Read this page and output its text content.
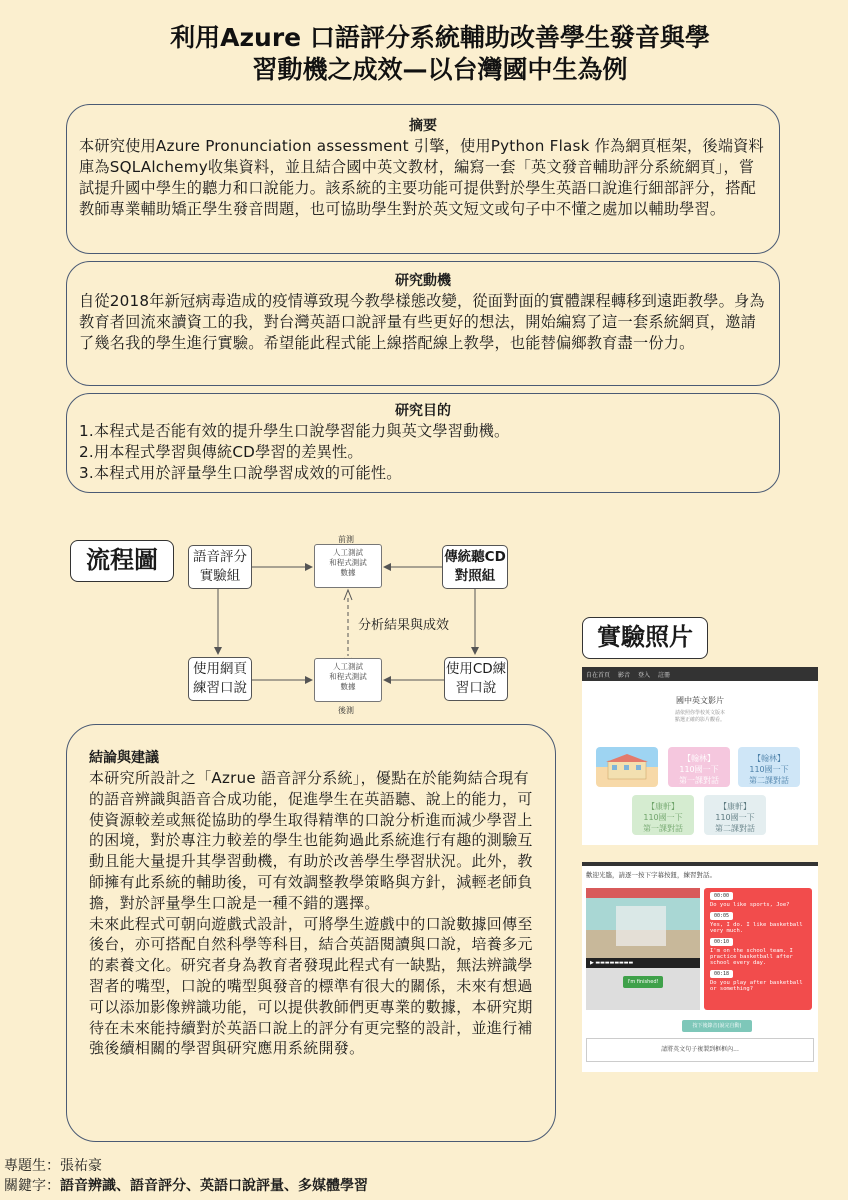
利用Azure 口語評分系統輔助改善學生發音與學
習動機之成效—以台灣國中生為例
摘要
本研究使用Azure Pronunciation assessment 引擎，使用Python Flask 作為網頁框架，後端資料庫為SQLAlchemy收集資料，並且結合國中英文教材，編寫一套「英文發音輔助評分系統網頁」，嘗試提升國中學生的聽力和口說能力。該系統的主要功能可提供對於學生英語口說進行細部評分，搭配教師專業輔助矯正學生發音問題，也可協助學生對於英文短文或句子中不懂之處加以輔助學習。
研究動機
自從2018年新冠病毒造成的疫情導致現今教學樣態改變，從面對面的實體課程轉移到遠距教學。身為教育者回流來讀資工的我，對台灣英語口說評量有些更好的想法，開始編寫了這一套系統網頁，邀請了幾名我的學生進行實驗。希望能此程式能上線搭配線上教學，也能替偏鄉教育盡一份力。
研究目的
1.本程式是否能有效的提升學生口說學習能力與英文學習動機。
2.用本程式學習與傳統CD學習的差異性。
3.本程式用於評量學生口說學習成效的可能性。
流程圖
前測
人工測試
和程式測試
數據
語音評分
實驗組
傳統聽CD
對照組
分析結果與成效
使用網頁
練習口說
人工測試
和程式測試
數據
後測
使用CD練
習口說
實驗照片
自在首頁 影音 登入 註冊
國中英文影片
請依照你學校英文版本
點選正確的影片觀看。
【翰林】
110國一下
第一課對話
【翰林】
110國一下
第二課對話
【康軒】
110國一下
第一課對話
【康軒】
110國一下
第二課對話
歡迎光臨，請逐一按下字幕按鈕，練習對話。
▶ ▬▬▬▬▬▬▬▬
I'm finished!
00:00
Do you like sports, Joe?
00:05
Yes, I do. I like basketball very much.
00:10
I'm on the school team. I practice basketball after school every day.
00:18
Do you play after basketball or something?
按下後錄音(說完自動)
請將英文句子複製到框框內...
結論與建議
本研究所設計之「Azrue 語音評分系統」，優點在於能夠結合現有的語音辨識與語音合成功能，促進學生在英語聽、說上的能力，可使資源較差或無從協助的學生取得精準的口說分析進而減少學習上的困境，對於專注力較差的學生也能夠過此系統進行有趣的測驗互動且能大量提升其學習動機，有助於改善學生學習狀況。此外，教師擁有此系統的輔助後，可有效調整教學策略與方針，減輕老師負擔，對於評量學生口說是一種不錯的選擇。
未來此程式可朝向遊戲式設計，可將學生遊戲中的口說數據回傳至後台，亦可搭配自然科學等科目，結合英語閱讀與口說，培養多元的素養文化。研究者身為教育者發現此程式有一缺點，無法辨識學習者的嘴型，口說的嘴型與發音的標準有很大的關係，未來有想過可以添加影像辨識功能，可以提供教師們更專業的數據，本研究期待在未來能持續對於英語口說上的評分有更完整的設計，並進行補強後續相關的學習與研究應用系統開發。
專題生：張祐豪
關鍵字：語音辨識、語音評分、英語口說評量、多媒體學習
